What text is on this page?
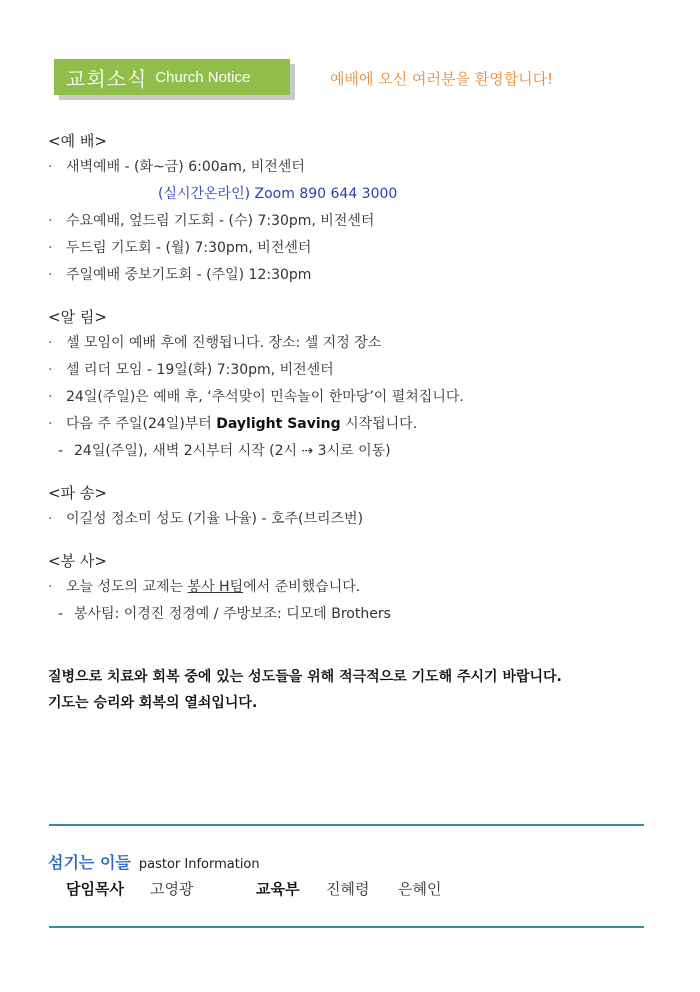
교회소식 Church Notice	예배에 오신 여러분을 환영합니다!
<예 배>
· 새벽예배 - (화~금) 6:00am, 비전센터
(실시간온라인) Zoom 890 644 3000
· 수요예배, 엎드림 기도회 - (수) 7:30pm, 비전센터
· 두드림 기도회 - (월) 7:30pm, 비전센터
· 주일예배 중보기도회 - (주일) 12:30pm
<알 림>
· 셀 모임이 예배 후에 진행됩니다. 장소: 셀 지정 장소
· 셀 리더 모임 - 19일(화) 7:30pm, 비전센터
· 24일(주일)은 예배 후, ‘추석맞이 민속놀이 한마당’이 펼쳐집니다.
· 다음 주 주일(24일)부터 Daylight Saving 시작됩니다.
- 24일(주일), 새벽 2시부터 시작 (2시 ⇢ 3시로 이동)
<파 송>
· 이길성 정소미 성도 (기율 나율) - 호주(브리즈번)
<봉 사>
· 오늘 성도의 교제는 봉사 H팀에서 준비했습니다.
- 봉사팀: 이경진 정경예 / 주방보조: 디모데 Brothers
질병으로 치료와 회복 중에 있는 성도들을 위해 적극적으로 기도해 주시기 바랍니다.
기도는 승리와 회복의 열쇠입니다.
섬기는 이들 pastor Information
담임목사 고영광	교육부 진혜령 은혜인
